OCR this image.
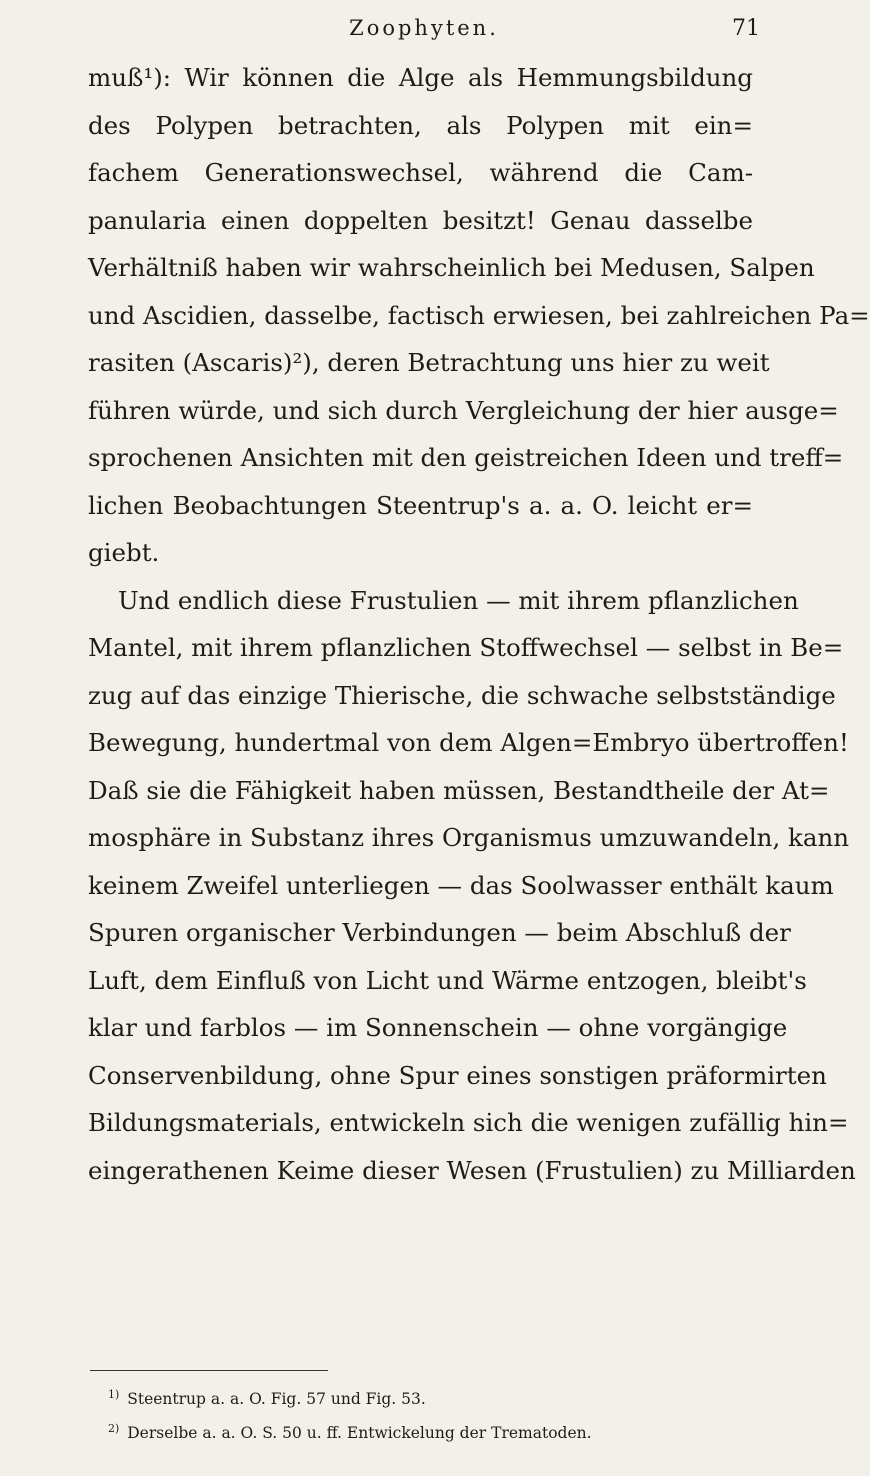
Zoophyten.	71
muß¹): Wir können die Alge als Hemmungsbildung
des Polypen betrachten, als Polypen mit ein=
fachem Generationswechsel, während die Cam-
panularia einen doppelten besitzt! Genau dasselbe
Verhältniß haben wir wahrscheinlich bei Medusen, Salpen
und Ascidien, dasselbe, factisch erwiesen, bei zahlreichen Pa=
rasiten (Ascaris)²), deren Betrachtung uns hier zu weit
führen würde, und sich durch Vergleichung der hier ausge=
sprochenen Ansichten mit den geistreichen Ideen und treff=
lichen Beobachtungen Steentrup's a. a. O. leicht er=
giebt.
Und endlich diese Frustulien — mit ihrem pflanzlichen
Mantel, mit ihrem pflanzlichen Stoffwechsel — selbst in Be=
zug auf das einzige Thierische, die schwache selbstständige
Bewegung, hundertmal von dem Algen=Embryo übertroffen!
Daß sie die Fähigkeit haben müssen, Bestandtheile der At=
mosphäre in Substanz ihres Organismus umzuwandeln, kann
keinem Zweifel unterliegen — das Soolwasser enthält kaum
Spuren organischer Verbindungen — beim Abschluß der
Luft, dem Einfluß von Licht und Wärme entzogen, bleibt's
klar und farblos — im Sonnenschein — ohne vorgängige
Conservenbildung, ohne Spur eines sonstigen präformirten
Bildungsmaterials, entwickeln sich die wenigen zufällig hin=
eingerathenen Keime dieser Wesen (Frustulien) zu Milliarden
$^{1)}$ Steentrup a. a. O. Fig. 57 und Fig. 53.
$^{2)}$ Derselbe a. a. O. S. 50 u. ff. Entwickelung der Trematoden.
